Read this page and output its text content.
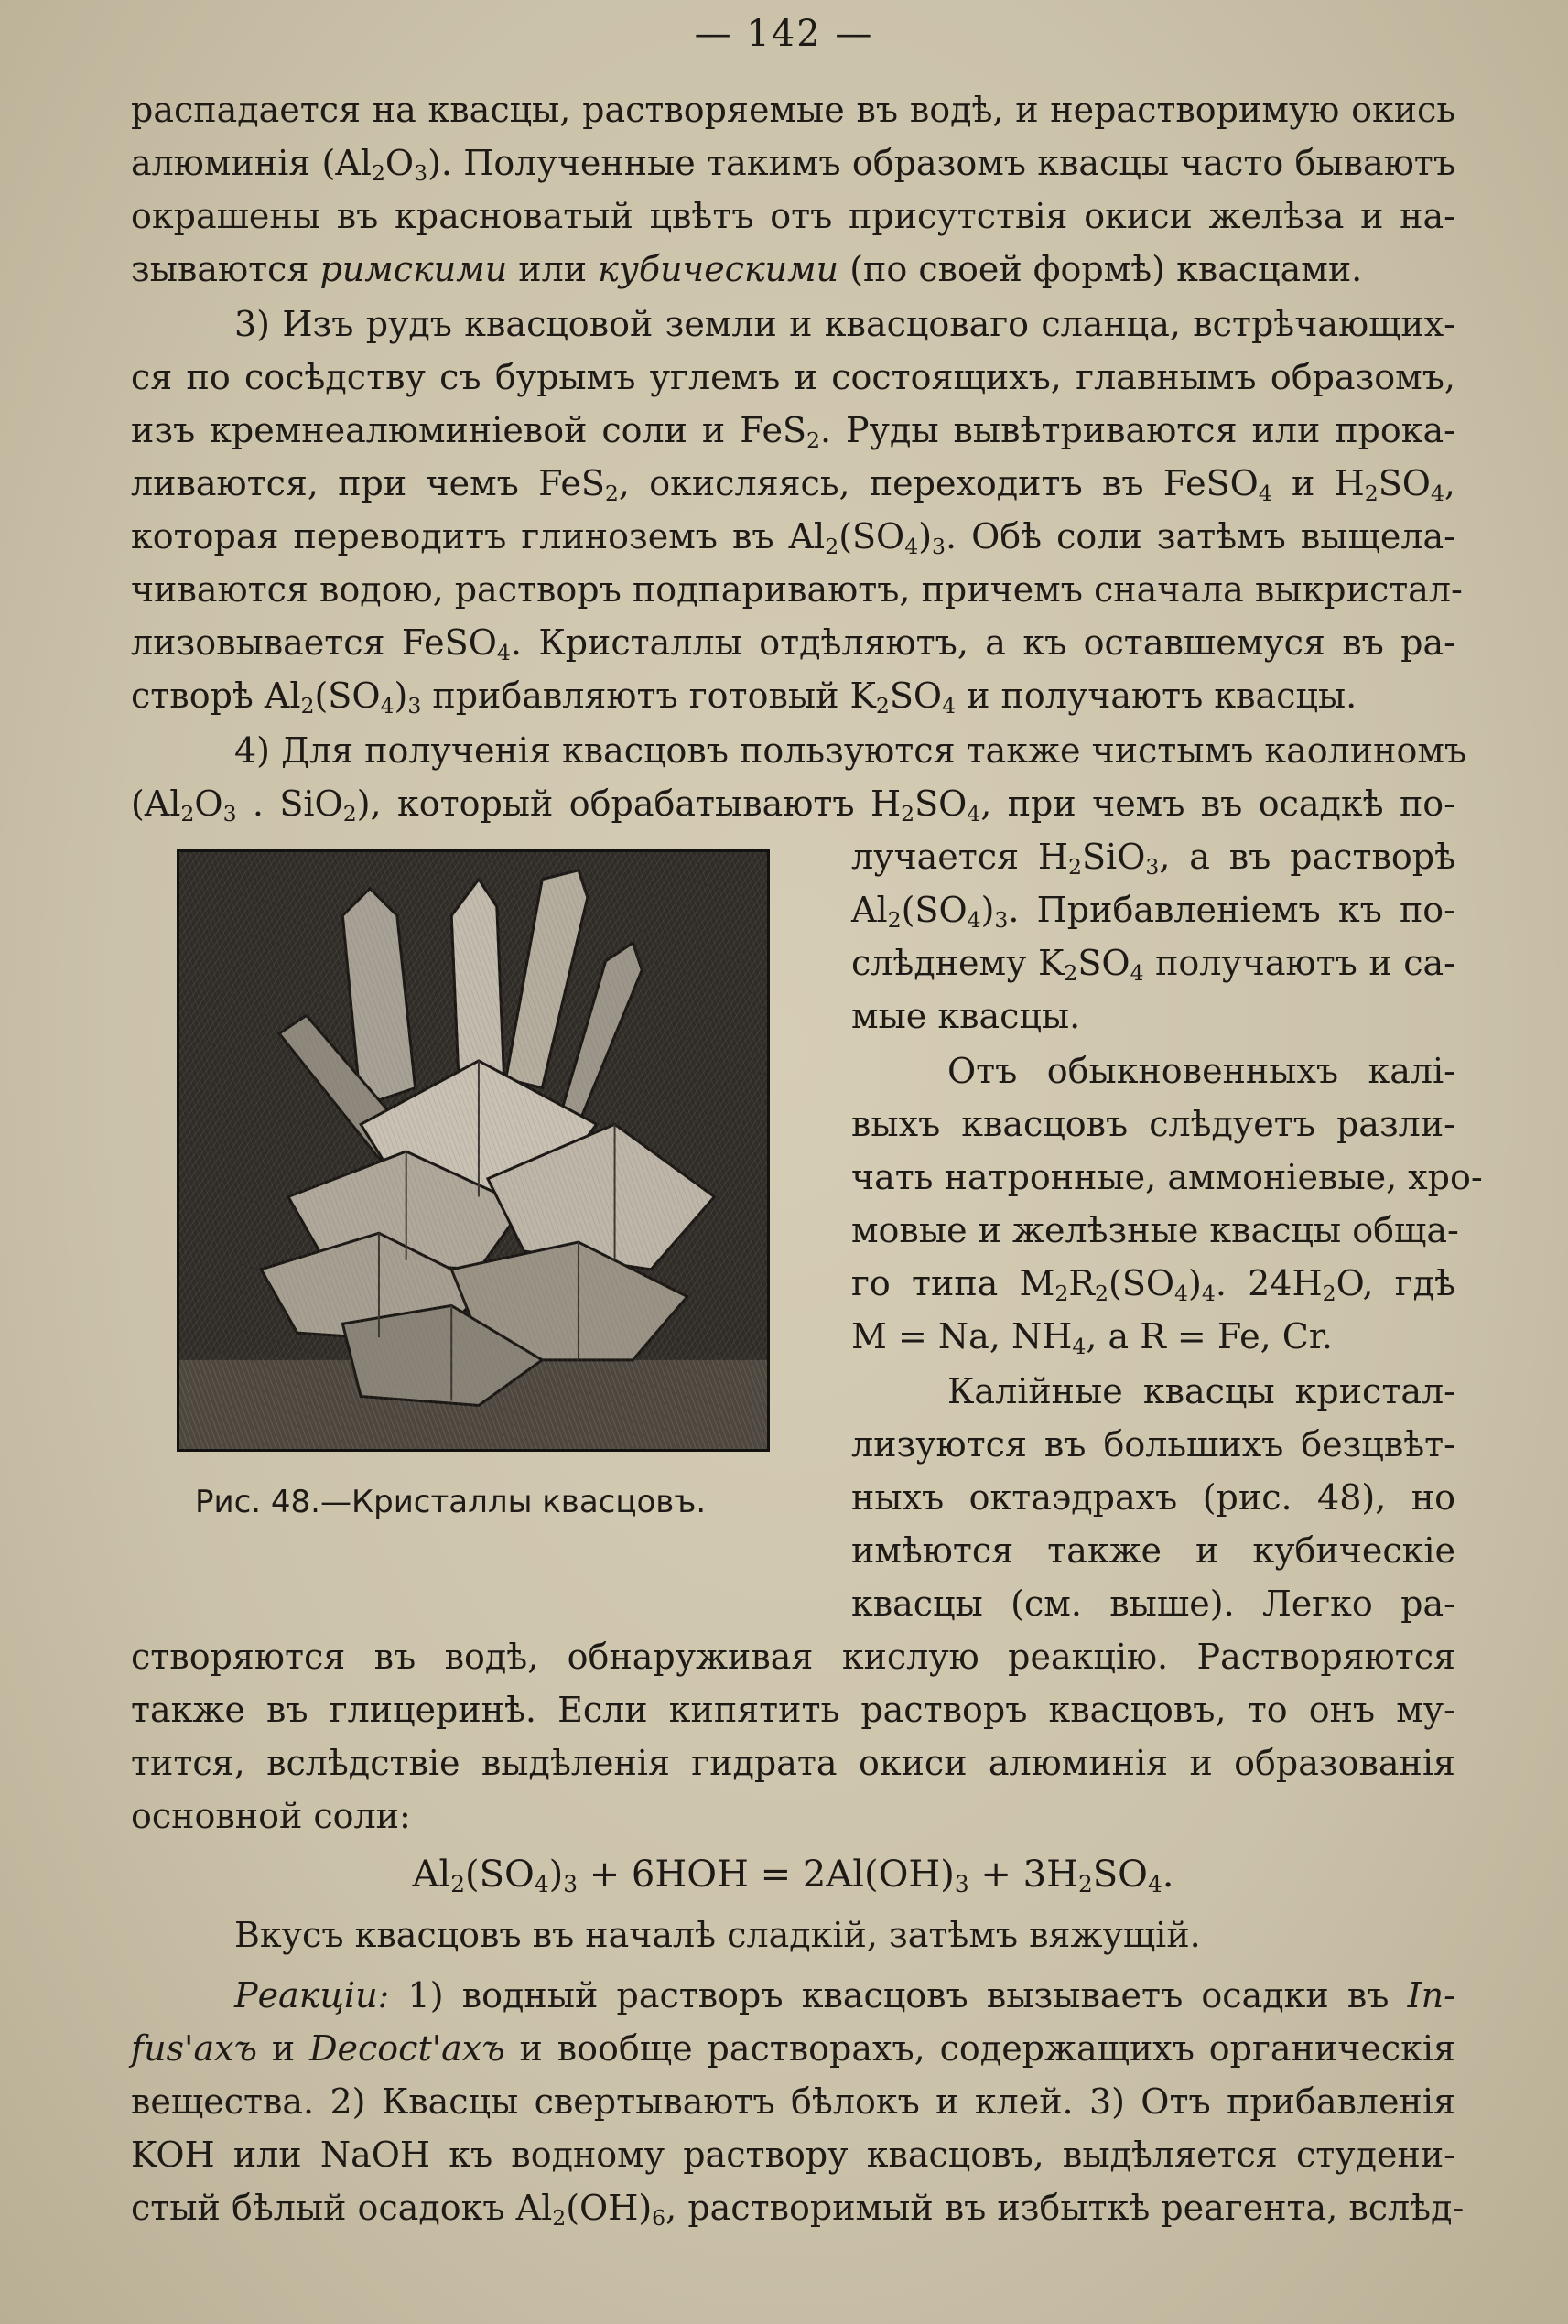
— 142 —
распадается на квасцы, растворяемые въ водѣ, и нерастворимую окись
алюминія $(Al_2O_3)$. Полученные такимъ образомъ квасцы часто бываютъ
окрашены въ красноватый цвѣтъ отъ присутствія окиси желѣза и на-
зываются римскими или кубическими (по своей формѣ) квасцами.
3) Изъ рудъ квасцовой земли и квасцоваго сланца, встрѣчающих-
ся по сосѣдству съ бурымъ углемъ и состоящихъ, главнымъ образомъ,
изъ кремнеалюминіевой соли и FeS$_2$. Руды вывѣтриваются или прока-
ливаются, при чемъ FeS$_2$, окисляясь, переходитъ въ FeSO$_4$ и $H_2SO_4$,
которая переводитъ глиноземъ въ $Al_2(SO_4)_3$. Обѣ соли затѣмъ выщела-
чиваются водою, растворъ подпариваютъ, причемъ сначала выкристал-
лизовывается FeSO$_4$. Кристаллы отдѣляютъ, а къ оставшемуся въ ра-
створѣ $Al_2(SO_4)_3$ прибавляютъ готовый $K_2SO_4$ и получаютъ квасцы.
4) Для полученія квасцовъ пользуются также чистымъ каолиномъ
($Al_2O_3$ . SiO$_2$), который обрабатываютъ $H_2SO_4$, при чемъ въ осадкѣ по-
лучается $H_2SiO_3$, а въ растворѣ
$Al_2(SO_4)_3$. Прибавленіемъ къ по-
слѣднему $K_2SO_4$ получаютъ и са-
мые квасцы.
Отъ обыкновенныхъ калі-
выхъ квасцовъ слѣдуетъ разли-
чать натронные, аммоніевые, хро-
мовые и желѣзные квасцы обща-
го типа $M_2R_2(SO_4)_4$. $24H_2O$, гдѣ
M = Na, $NH_4$, a R = Fe, Cr.
Калійные квасцы кристал-
лизуются въ большихъ безцвѣт-
ныхъ октаэдрахъ (рис. 48), но
имѣются также и кубическіе
квасцы (см. выше). Легко ра-
створяются въ водѣ, обнаруживая кислую реакцію. Растворяются
также въ глицеринѣ. Если кипятить растворъ квасцовъ, то онъ му-
тится, вслѣдствіе выдѣленія гидрата окиси алюминія и образованія
основной соли:
$Al_2(SO_4)_3 + 6HOH = 2Al(OH)_3 + 3H_2SO_4$.
Вкусъ квасцовъ въ началѣ сладкій, затѣмъ вяжущій.
Реакціи: 1) водный растворъ квасцовъ вызываетъ осадки въ In-
fus'ахъ и Decoct'ахъ и вообще растворахъ, содержащихъ органическія
вещества. 2) Квасцы свертываютъ бѣлокъ и клей. 3) Отъ прибавленія
KOH или NaOH къ водному раствору квасцовъ, выдѣляется студени-
стый бѣлый осадокъ $Al_2(OH)_6$, растворимый въ избыткѣ реагента, вслѣд-
Рис. 48.—Кристаллы квасцовъ.
